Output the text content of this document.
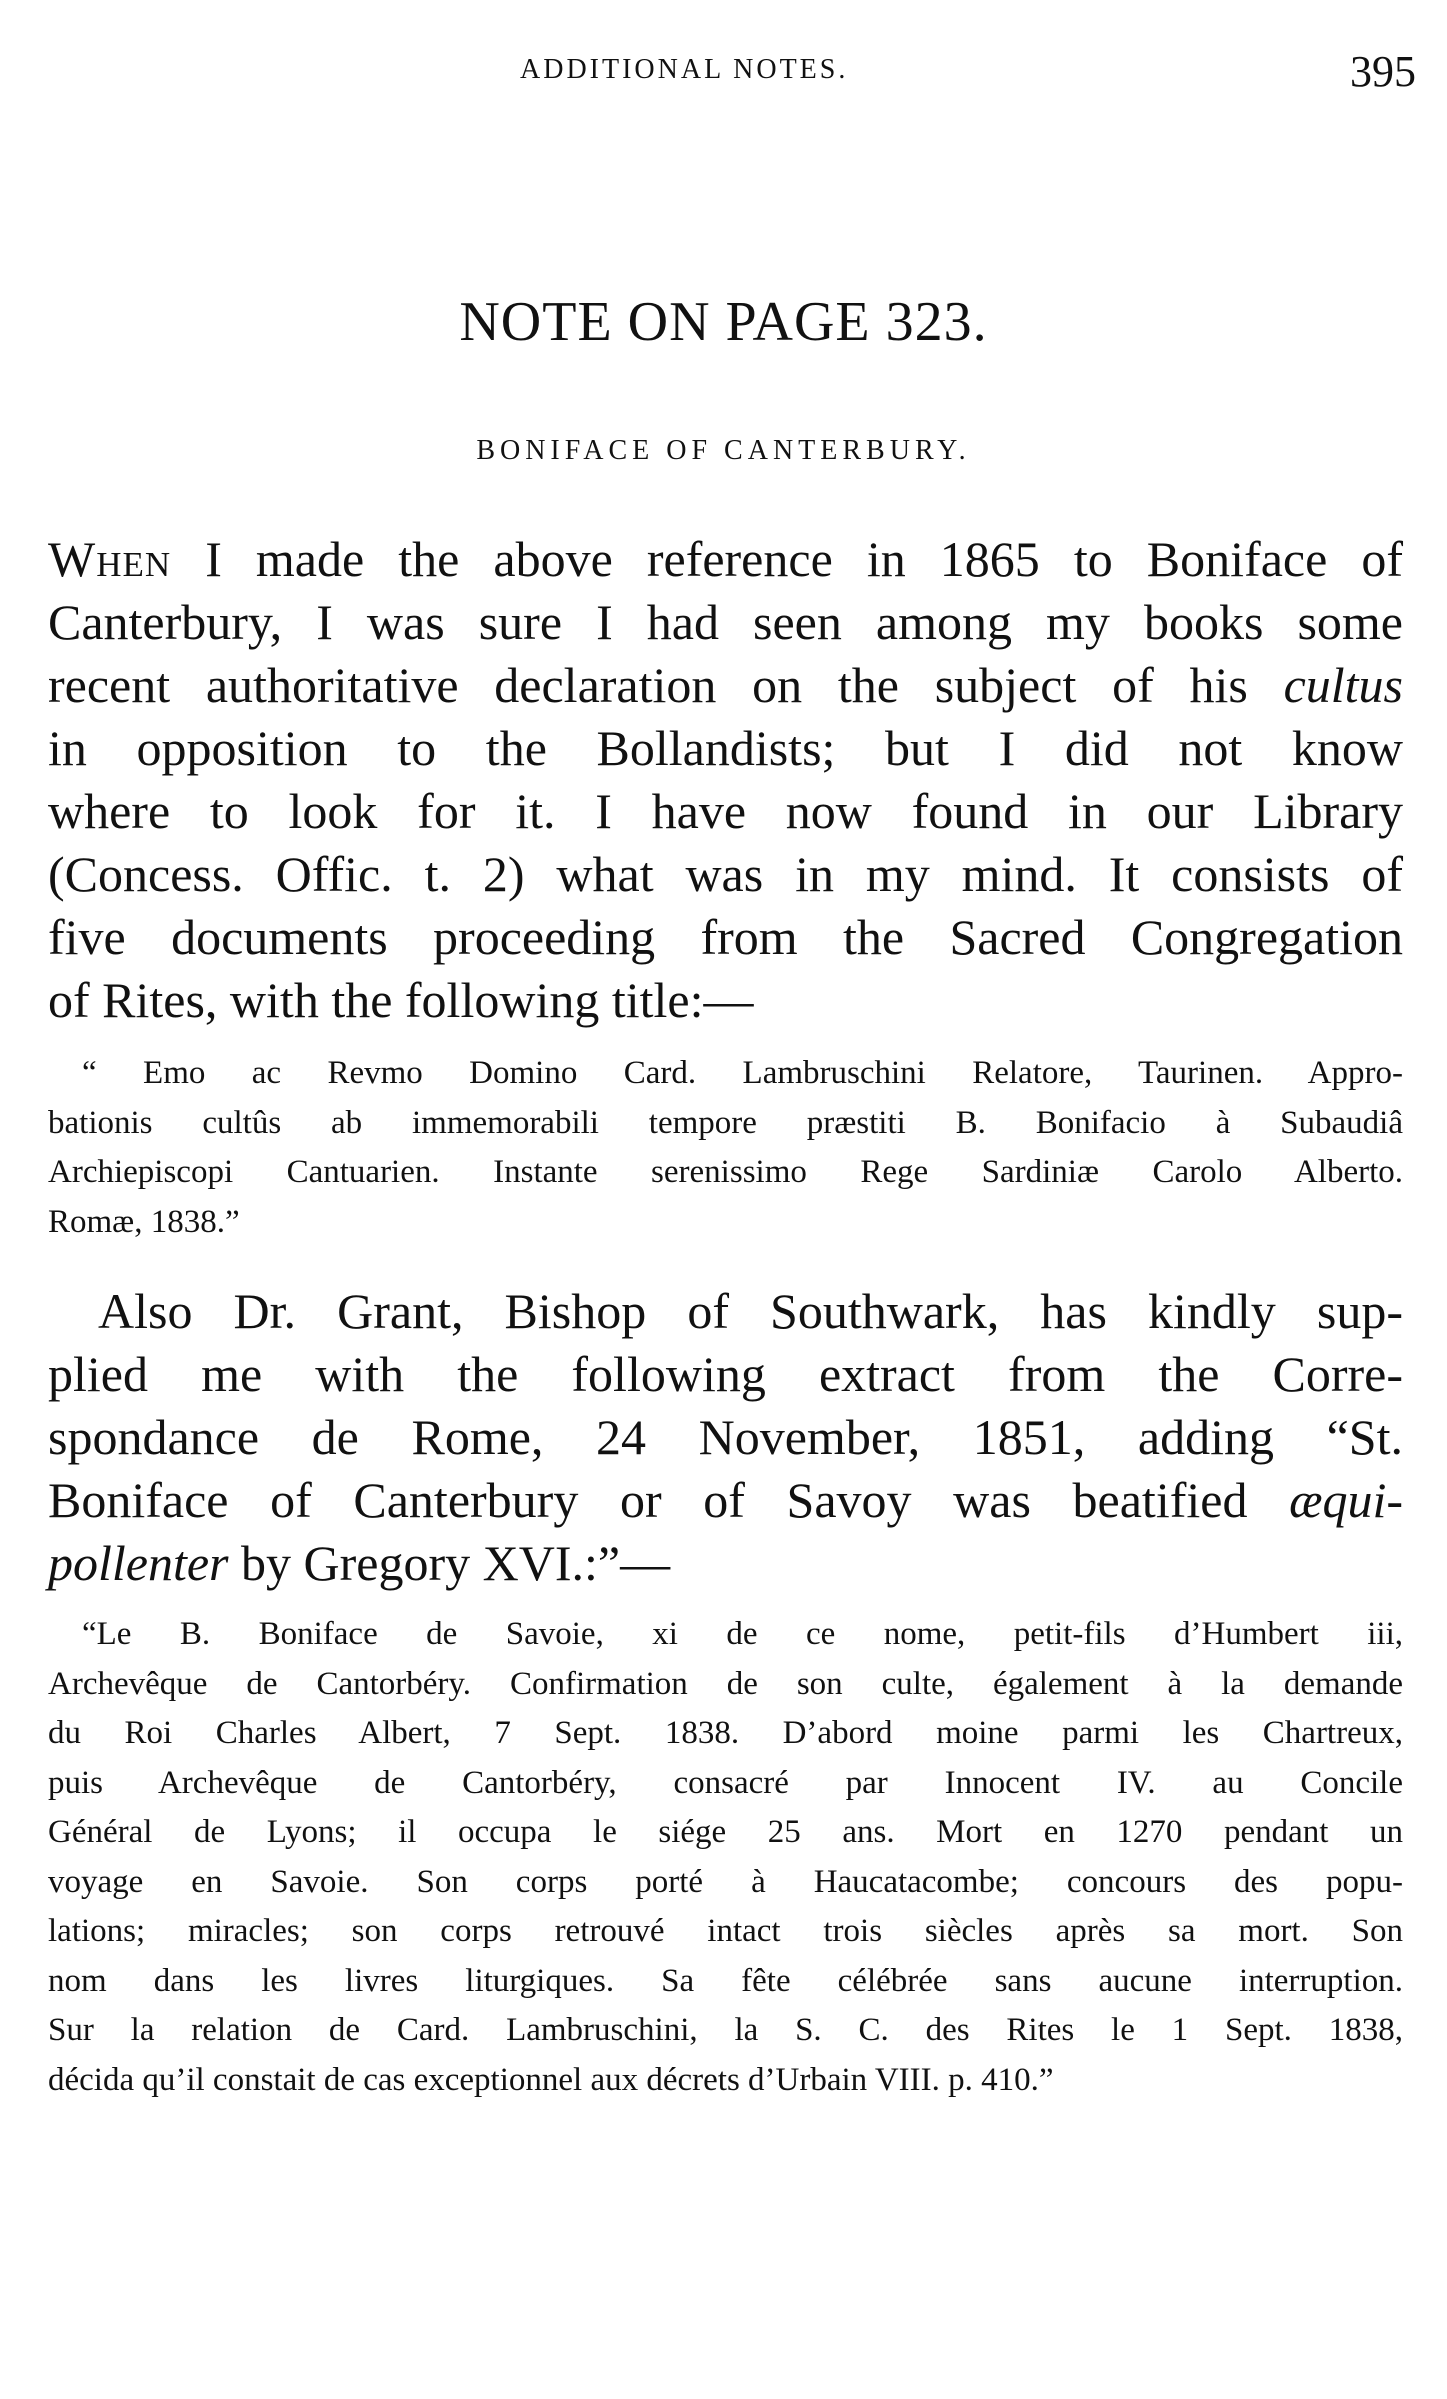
ADDITIONAL NOTES.	395
NOTE ON PAGE 323.
BONIFACE OF CANTERBURY.
When I made the above reference in 1865 to Boniface of
Canterbury, I was sure I had seen among my books some
recent authoritative declaration on the subject of his cultus
in opposition to the Bollandists; but I did not know
where to look for it. I have now found in our Library
(Concess. Offic. t. 2) what was in my mind. It consists of
five documents proceeding from the Sacred Congregation
of Rites, with the following title:—
“ Emo ac Revmo Domino Card. Lambruschini Relatore, Taurinen. Appro-
bationis cultûs ab immemorabili tempore præstiti B. Bonifacio à Subaudiâ
Archiepiscopi Cantuarien. Instante serenissimo Rege Sardiniæ Carolo Alberto.
Romæ, 1838.”
Also Dr. Grant, Bishop of Southwark, has kindly sup-
plied me with the following extract from the Corre-
spondance de Rome, 24 November, 1851, adding “St.
Boniface of Canterbury or of Savoy was beatified æqui-
pollenter by Gregory XVI.:”—
“Le B. Boniface de Savoie, xi de ce nome, petit-fils d’Humbert iii,
Archevêque de Cantorbéry. Confirmation de son culte, également à la demande
du Roi Charles Albert, 7 Sept. 1838. D’abord moine parmi les Chartreux,
puis Archevêque de Cantorbéry, consacré par Innocent IV. au Concile
Général de Lyons; il occupa le siége 25 ans. Mort en 1270 pendant un
voyage en Savoie. Son corps porté à Haucatacombe; concours des popu-
lations; miracles; son corps retrouvé intact trois siècles après sa mort. Son
nom dans les livres liturgiques. Sa fête célébrée sans aucune interruption.
Sur la relation de Card. Lambruschini, la S. C. des Rites le 1 Sept. 1838,
décida qu’il constait de cas exceptionnel aux décrets d’Urbain VIII. p. 410.”
